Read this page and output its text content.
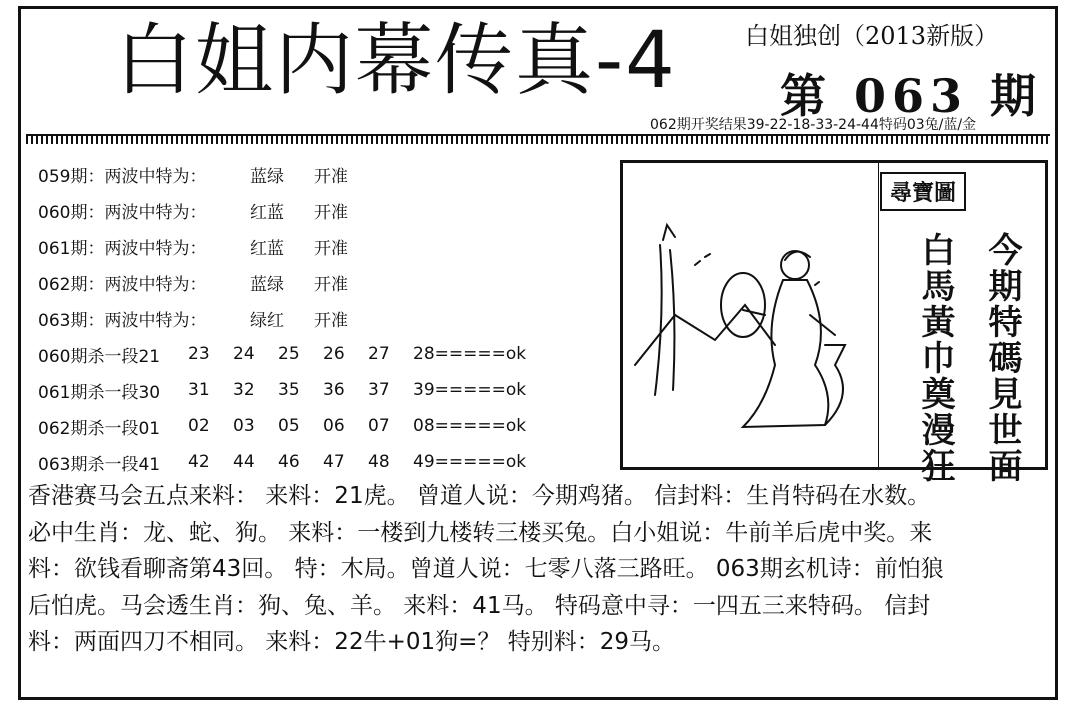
白姐内幕传真-4	白姐独创（2013新版）
第 063 期
062期开奖结果39-22-18-33-24-44特码03兔/蓝/金
059期：两波中特为：	蓝绿	开准
060期：两波中特为：	红蓝	开准
061期：两波中特为：	红蓝	开准
062期：两波中特为：	蓝绿	开准
063期：两波中特为：	绿红	开准
060期杀一段21	23	24	25	26	27	28=====ok
061期杀一段30	31	32	35	36	37	39=====ok
062期杀一段01	02	03	05	06	07	08=====ok
063期杀一段41	42	44	46	47	48	49=====ok
尋寶圖
今期特碼見世面
白馬黃巾奠漫狂
香港赛马会五点来料： 来料：21虎。 曾道人说：今期鸡猪。 信封料：生肖特码在水数。
必中生肖：龙、蛇、狗。 来料：一楼到九楼转三楼买兔。白小姐说：牛前羊后虎中奖。来
料：欲钱看聊斋第43回。 特：木局。曾道人说：七零八落三路旺。 063期玄机诗：前怕狼
后怕虎。马会透生肖：狗、兔、羊。 来料：41马。 特码意中寻：一四五三来特码。 信封
料：两面四刀不相同。 来料：22牛+01狗=？ 特别料：29马。
